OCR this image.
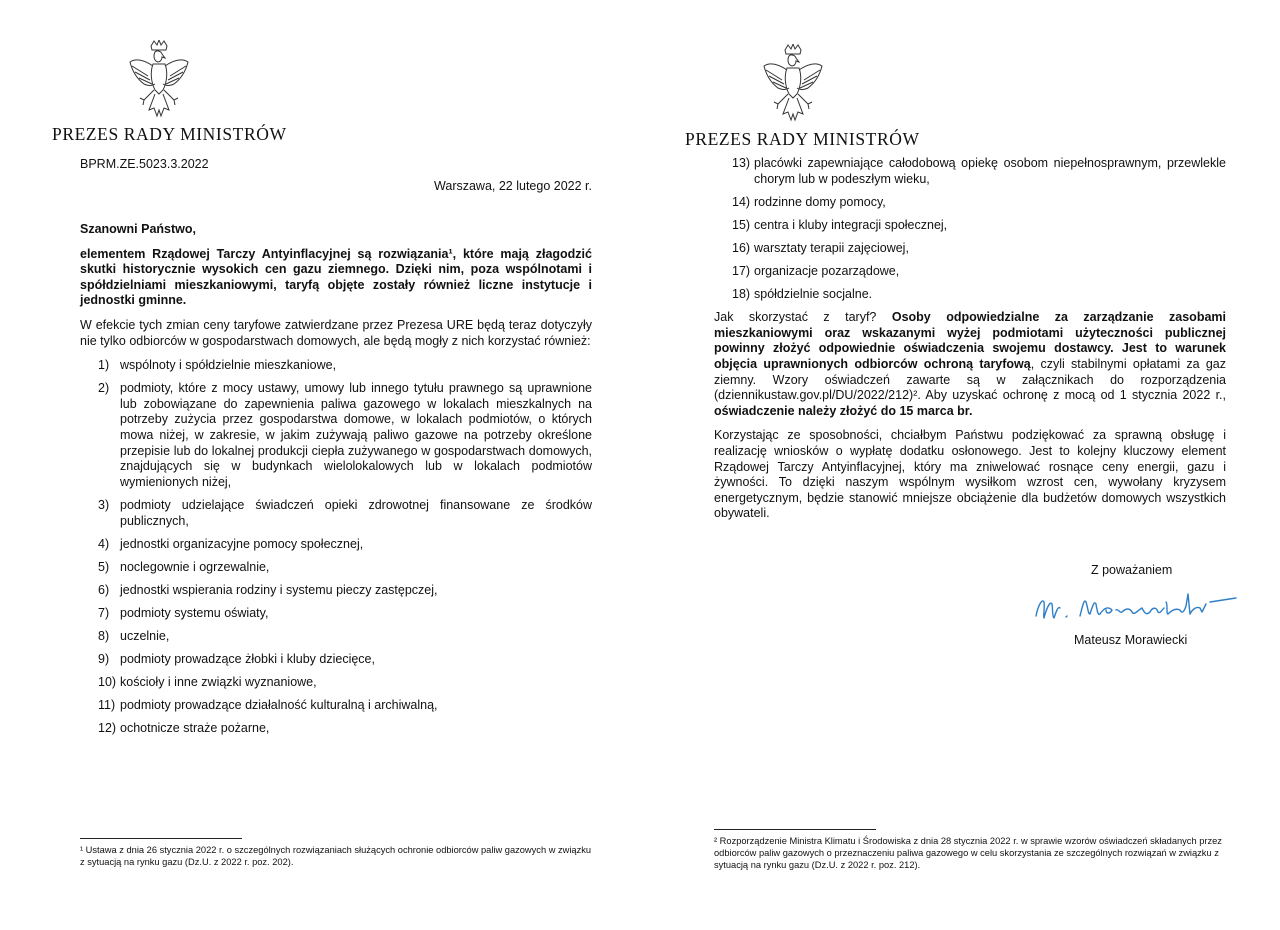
PREZES RADY MINISTRÓW
BPRM.ZE.5023.3.2022
Warszawa, 22 lutego 2022 r.

Szanowni Państwo,

elementem Rządowej Tarczy Antyinflacyjnej są rozwiązania¹, które mają złagodzić skutki historycznie wysokich cen gazu ziemnego. Dzięki nim, poza wspólnotami i spółdzielniami mieszkaniowymi, taryfą objęte zostały również liczne instytucje i jednostki gminne.

W efekcie tych zmian ceny taryfowe zatwierdzane przez Prezesa URE będą teraz dotyczyły nie tylko odbiorców w gospodarstwach domowych, ale będą mogły z nich korzystać również:

1) wspólnoty i spółdzielnie mieszkaniowe,
2) podmioty, które z mocy ustawy, umowy lub innego tytułu prawnego są uprawnione lub zobowiązane do zapewnienia paliwa gazowego w lokalach mieszkalnych na potrzeby zużycia przez gospodarstwa domowe, w lokalach podmiotów, o których mowa niżej, w zakresie, w jakim zużywają paliwo gazowe na potrzeby określone przepisie lub do lokalnej produkcji ciepła zużywanego w gospodarstwach domowych, znajdujących się w budynkach wielolokalowych lub w lokalach podmiotów wymienionych niżej,
3) podmioty udzielające świadczeń opieki zdrowotnej finansowane ze środków publicznych,
4) jednostki organizacyjne pomocy społecznej,
5) noclegownie i ogrzewalnie,
6) jednostki wspierania rodziny i systemu pieczy zastępczej,
7) podmioty systemu oświaty,
8) uczelnie,
9) podmioty prowadzące żłobki i kluby dziecięce,
10) kościoły i inne związki wyznaniowe,
11) podmioty prowadzące działalność kulturalną i archiwalną,
12) ochotnicze straże pożarne,
¹ Ustawa z dnia 26 stycznia 2022 r. o szczególnych rozwiązaniach służących ochronie odbiorców paliw gazowych w związku z sytuacją na rynku gazu (Dz.U. z 2022 r. poz. 202).
PREZES RADY MINISTRÓW
13) placówki zapewniające całodobową opiekę osobom niepełnosprawnym, przewlekle chorym lub w podeszłym wieku,
14) rodzinne domy pomocy,
15) centra i kluby integracji społecznej,
16) warsztaty terapii zajęciowej,
17) organizacje pozarządowe,
18) spółdzielnie socjalne.

Jak skorzystać z taryf? Osoby odpowiedzialne za zarządzanie zasobami mieszkaniowymi oraz wskazanymi wyżej podmiotami użyteczności publicznej powinny złożyć odpowiednie oświadczenia swojemu dostawcy. Jest to warunek objęcia uprawnionych odbiorców ochroną taryfową, czyli stabilnymi opłatami za gaz ziemny. Wzory oświadczeń zawarte są w załącznikach do rozporządzenia (dziennikustaw.gov.pl/DU/2022/212)². Aby uzyskać ochronę z mocą od 1 stycznia 2022 r., oświadczenie należy złożyć do 15 marca br.

Korzystając ze sposobności, chciałbym Państwu podziękować za sprawną obsługę i realizację wniosków o wypłatę dodatku osłonowego. Jest to kolejny kluczowy element Rządowej Tarczy Antyinflacyjnej, który ma zniwelować rosnące ceny energii, gazu i żywności. To dzięki naszym wspólnym wysiłkom wzrost cen, wywołany kryzysem energetycznym, będzie stanowić mniejsze obciążenie dla budżetów domowych wszystkich obywateli.

Z poważaniem
Mateusz Morawiecki
² Rozporządzenie Ministra Klimatu i Środowiska z dnia 28 stycznia 2022 r. w sprawie wzorów oświadczeń składanych przez odbiorców paliw gazowych o przeznaczeniu paliwa gazowego w celu skorzystania ze szczególnych rozwiązań w związku z sytuacją na rynku gazu (Dz.U. z 2022 r. poz. 212).
